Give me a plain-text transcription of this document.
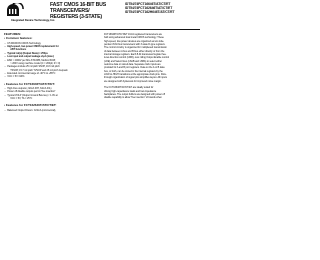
Integrated Device Technology, Inc.
FAST CMOS 16-BIT BUS
TRANSCEIVERS/
REGISTERS (3-STATE)
IDT54/74FCT16646T/AT/CT/ET
IDT54/74FCT162646T/AT/CT/ET
IDT54/74FCT162H646T/AT/CT/ET
FEATURES:
• Common features:
– 0.5 MICRON CMOS Technology
– High-speed, low-power CMOS replacement for
ABT functions
– Typical tsk(o) (Output Skew) < 250ps
– Low input and output leakage ≤1μA (max.)
– ESD > 2000V per MIL-STD-883, Method 3015;
> 200V using machine model (C = 200pF, R = 0)
– Packages include 25 mil pitch SSOP, 19.6 mil pitch
TSSOP, 15.7 mil pitch TVSOP and 25 mil pitch Cerpack
– Extended commercial range of -40°C to +85°C
– VCC = 5V ±10%
• Features for FCT16646T/AT/CT/ET:
– High drive outputs (-32mA IOH, 64mA IOL)
– Power off disable outputs permit "live insertion"
– Typical VOLP (Output Ground Bounce) < 1.0V at
VCC = 5V, TA = 25°C
• Features for FCT162646T/AT/CT/ET:
– Balanced Output Drivers: ±24mA (commercial),
FCT16646T/AT/CT/ET 16-bit registered transceivers are
built using advanced dual metal CMOS technology. These
high-speed, low-power devices are organized as two inde-
pendent 8-bit bus transceivers with 3-state D-type registers.
The control circuitry is organized for multiplexed transmission
of data between A bus and B bus either directly or from the
internal storage registers. Each 8-bit transceiver/register fea-
tures direction control (xDIR), over-riding Output Enable control
(xOE) and Select lines (xSAB and xSBA) to select either
real-time data or stored data. Separate clock inputs are
provided for A and B port registers. Data on the A or B data
bus, or both, can be stored in the internal registers by the
LOW-to-HIGH transitions at the appropriate clock pins. Flow-
through organization of signal pins simplifies layout. All inputs
are designed with hysteresis for improved noise margin.
The FCT16646T/AT/CT/ET are ideally suited for
driving high-capacitance loads and low-impedance
backplanes. The output buffers are designed with power off
disable capability to allow "live insertion" of boards when
